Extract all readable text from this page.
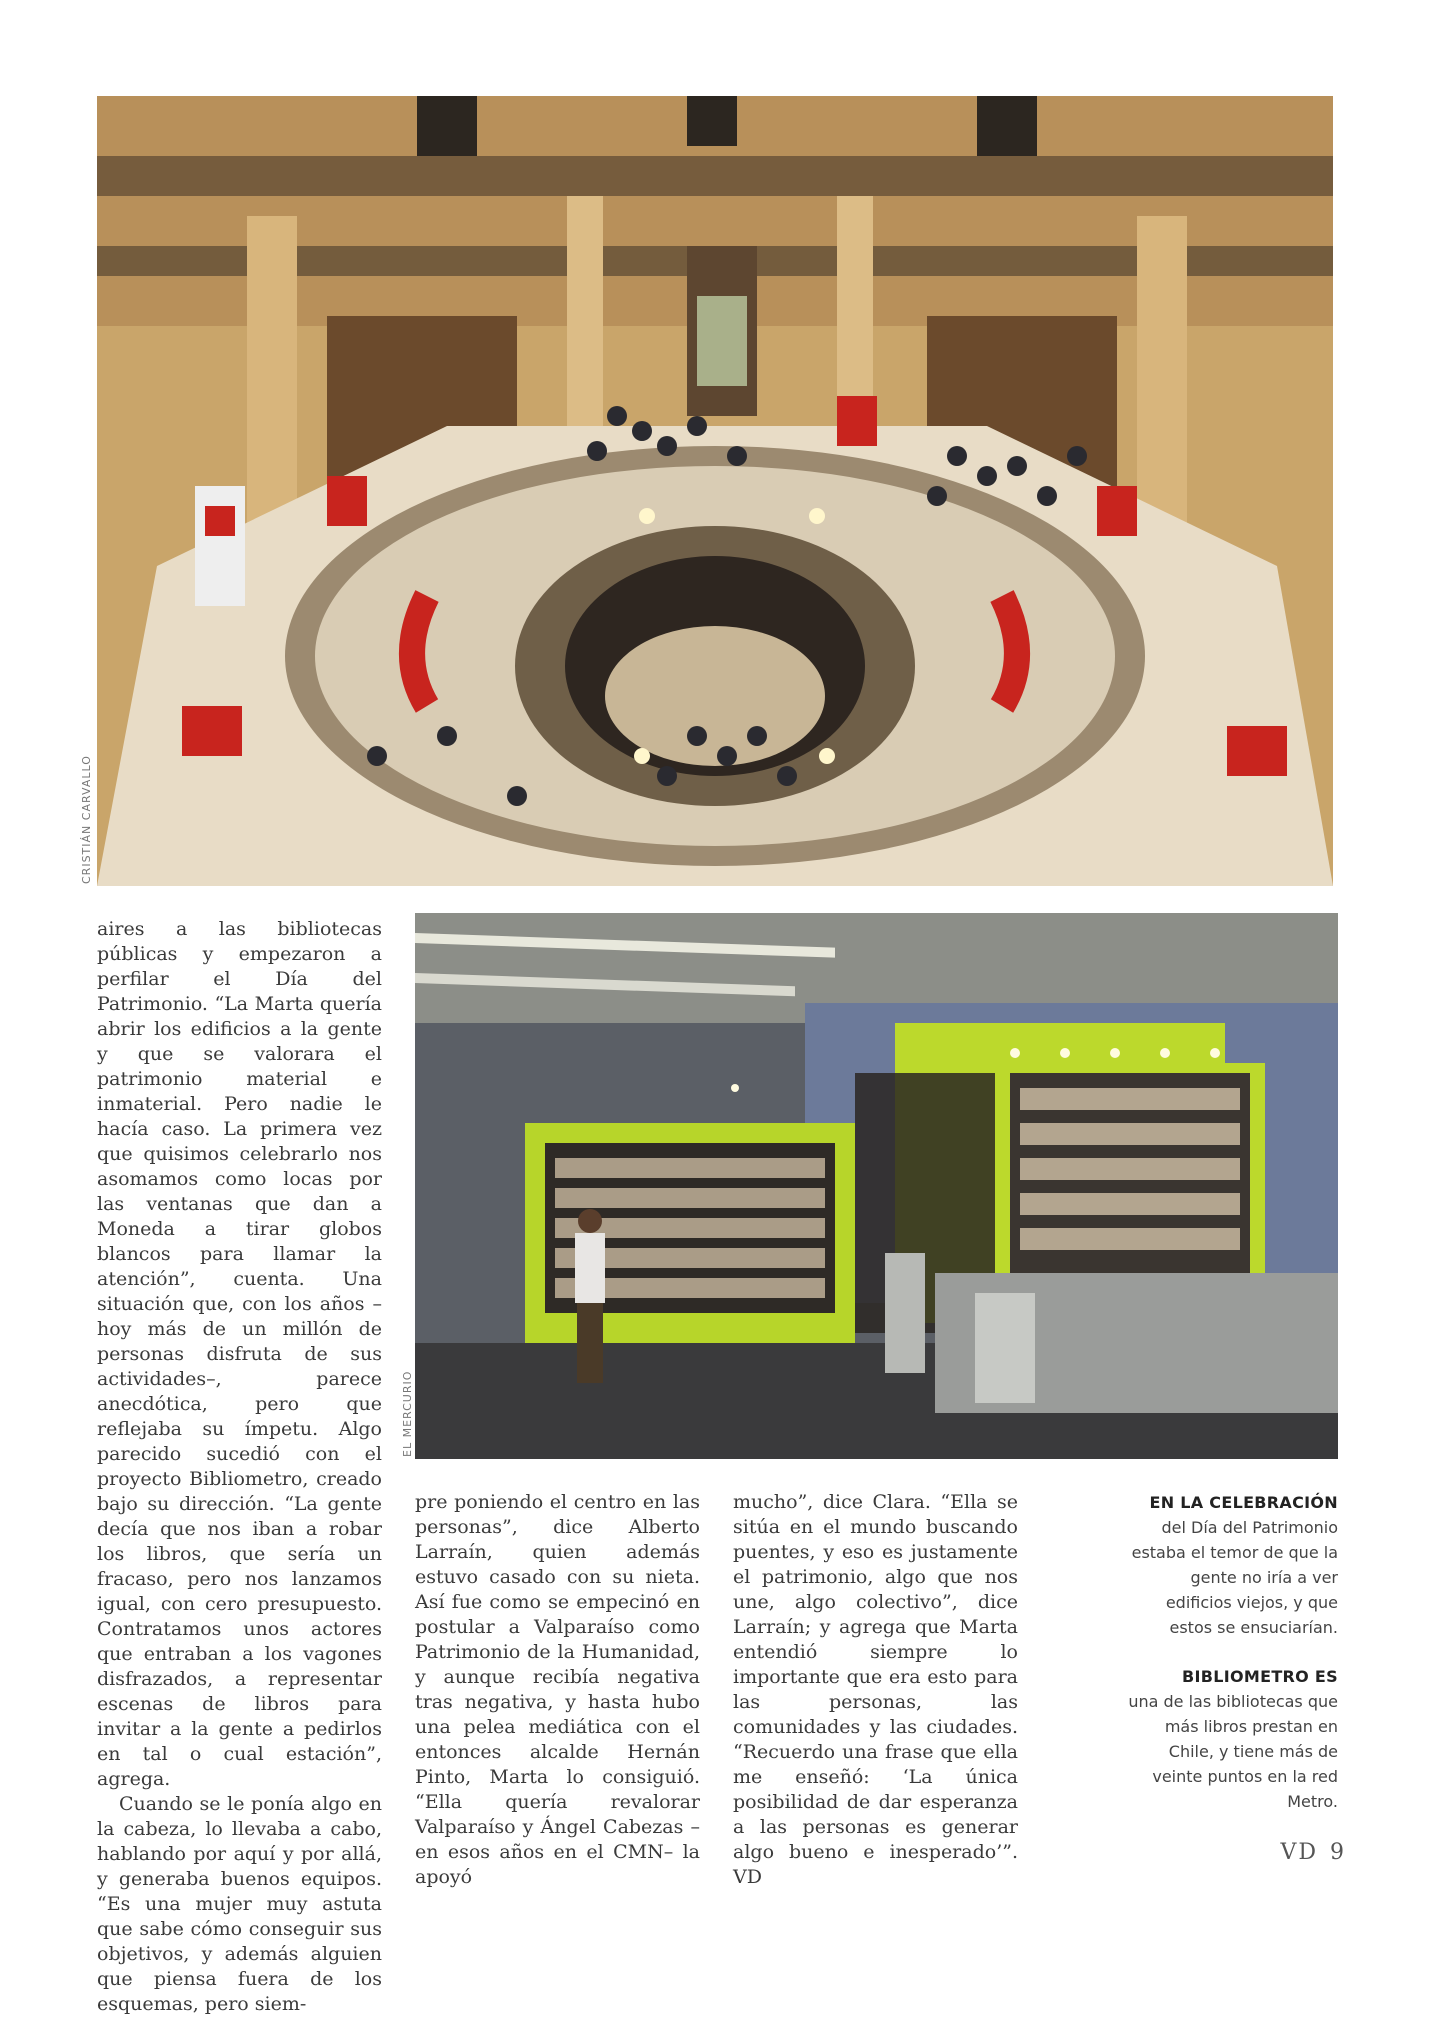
CRISTIÁN CARVALLO
EL MERCURIO

aires a las bibliotecas públicas y empezaron a perfilar el Día del Patrimonio. “La Marta quería abrir los edificios a la gente y que se valorara el patrimonio material e inmaterial. Pero nadie le hacía caso. La primera vez que quisimos celebrarlo nos asomamos como locas por las ventanas que dan a Moneda a tirar globos blancos para llamar la atención”, cuenta. Una situación que, con los años –hoy más de un millón de personas disfruta de sus actividades–, parece anecdótica, pero que reflejaba su ímpetu. Algo parecido sucedió con el proyecto Bibliometro, creado bajo su dirección. “La gente decía que nos iban a robar los libros, que sería un fracaso, pero nos lanzamos igual, con cero presupuesto. Contratamos unos actores que entraban a los vagones disfrazados, a representar escenas de libros para invitar a la gente a pedirlos en tal o cual estación”, agrega.

Cuando se le ponía algo en la cabeza, lo llevaba a cabo, hablando por aquí y por allá, y generaba buenos equipos. “Es una mujer muy astuta que sabe cómo conseguir sus objetivos, y además alguien que piensa fuera de los esquemas, pero siem-

pre poniendo el centro en las personas”, dice Alberto Larraín, quien además estuvo casado con su nieta. Así fue como se empecinó en postular a Valparaíso como Patrimonio de la Humanidad, y aunque recibía negativa tras negativa, y hasta hubo una pelea mediática con el entonces alcalde Hernán Pinto, Marta lo consiguió. “Ella quería revalorar Valparaíso y Ángel Cabezas –en esos años en el CMN– la apoyó

mucho”, dice Clara. “Ella se sitúa en el mundo buscando puentes, y eso es justamente el patrimonio, algo que nos une, algo colectivo”, dice Larraín; y agrega que Marta entendió siempre lo importante que era esto para las personas, las comunidades y las ciudades. “Recuerdo una frase que ella me enseñó: ‘La única posibilidad de dar esperanza a las personas es generar algo bueno e inesperado’”. VD

EN LA CELEBRACIÓN
del Día del Patrimonio estaba el temor de que la gente no iría a ver edificios viejos, y que estos se ensuciarían.
BIBLIOMETRO ES
una de las bibliotecas que más libros prestan en Chile, y tiene más de veinte puntos en la red Metro.
VD 9
